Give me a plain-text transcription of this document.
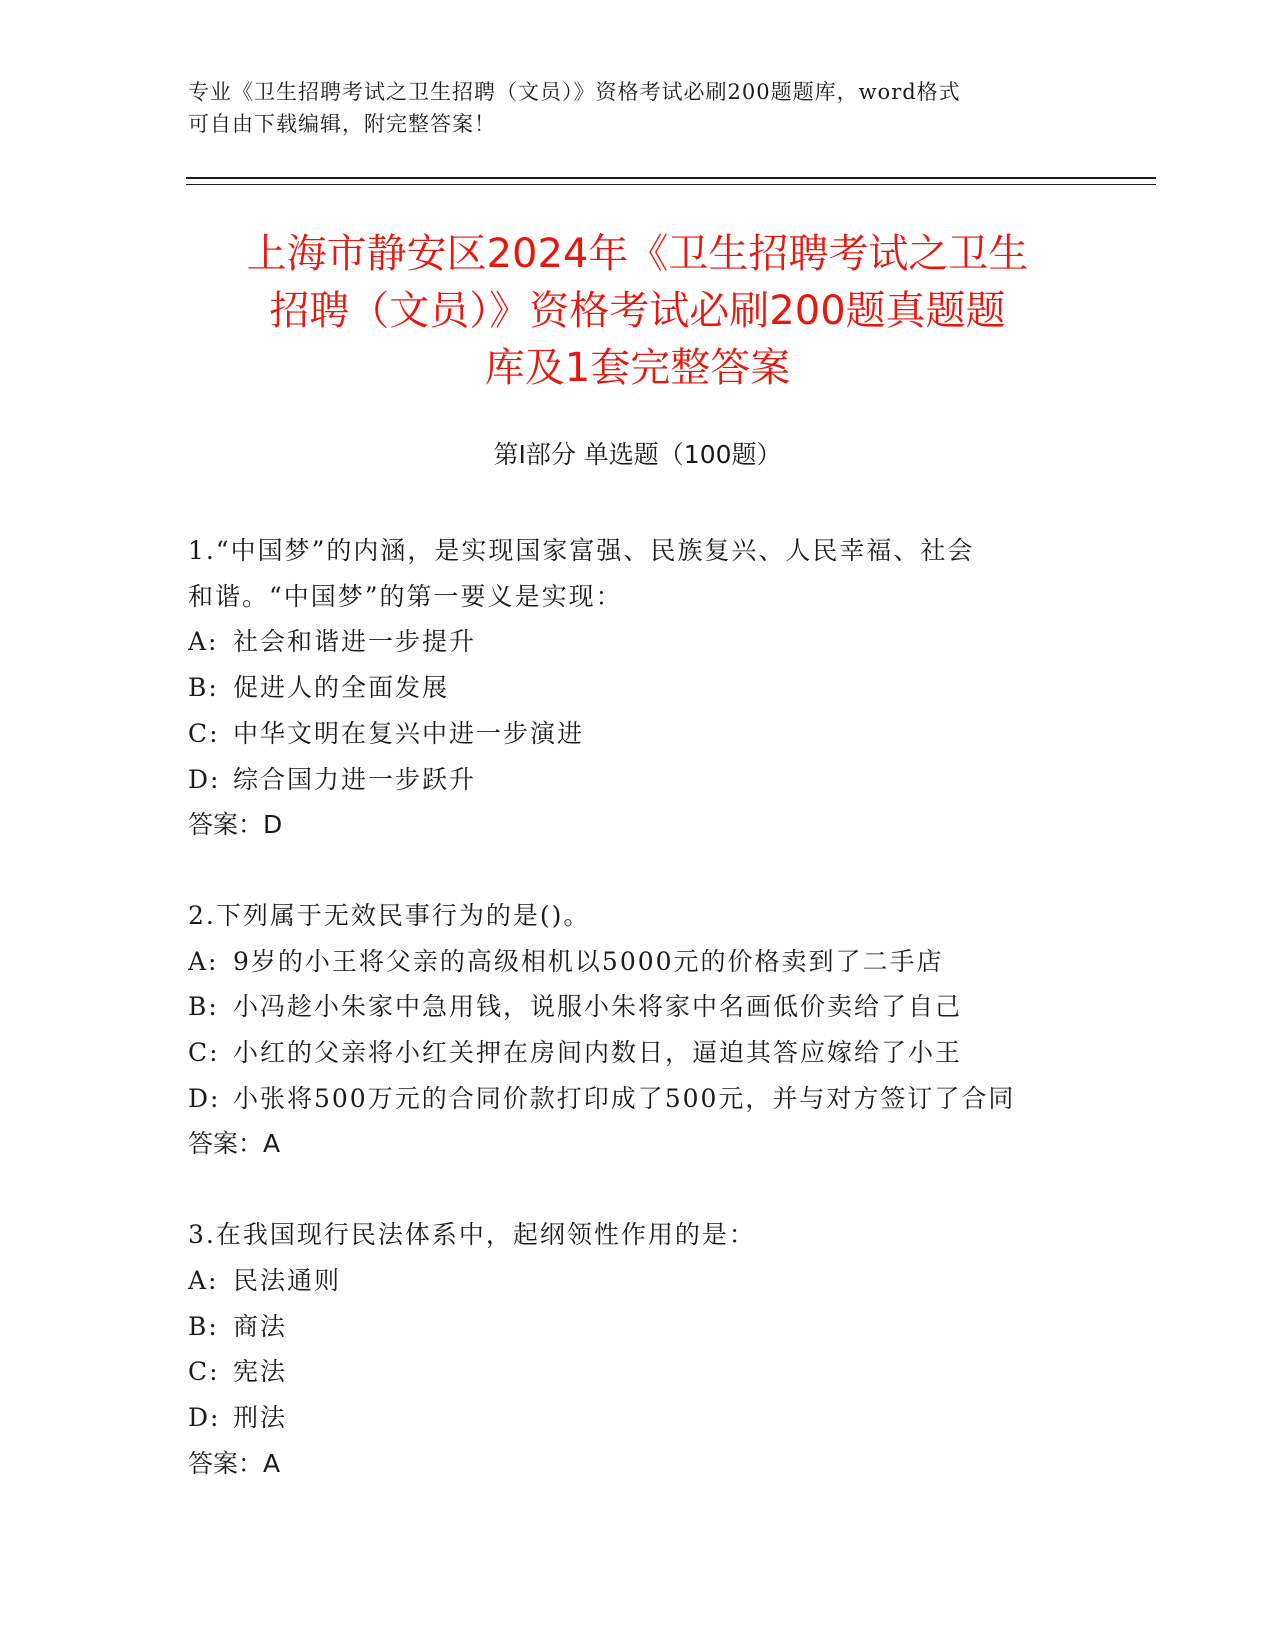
专业《卫生招聘考试之卫生招聘（文员）》资格考试必刷200题题库，word格式
可自由下载编辑，附完整答案！
上海市静安区2024年《卫生招聘考试之卫生
招聘（文员）》资格考试必刷200题真题题
库及1套完整答案
第Ⅰ部分 单选题（100题）
1.“中国梦”的内涵，是实现国家富强、民族复兴、人民幸福、社会
和谐。“中国梦”的第一要义是实现：
A: 社会和谐进一步提升
B: 促进人的全面发展
C: 中华文明在复兴中进一步演进
D: 综合国力进一步跃升
答案：D
2.下列属于无效民事行为的是()。
A: 9岁的小王将父亲的高级相机以5000元的价格卖到了二手店
B: 小冯趁小朱家中急用钱，说服小朱将家中名画低价卖给了自己
C: 小红的父亲将小红关押在房间内数日，逼迫其答应嫁给了小王
D: 小张将500万元的合同价款打印成了500元，并与对方签订了合同
答案：A
3.在我国现行民法体系中，起纲领性作用的是：
A: 民法通则
B: 商法
C: 宪法
D: 刑法
答案：A
